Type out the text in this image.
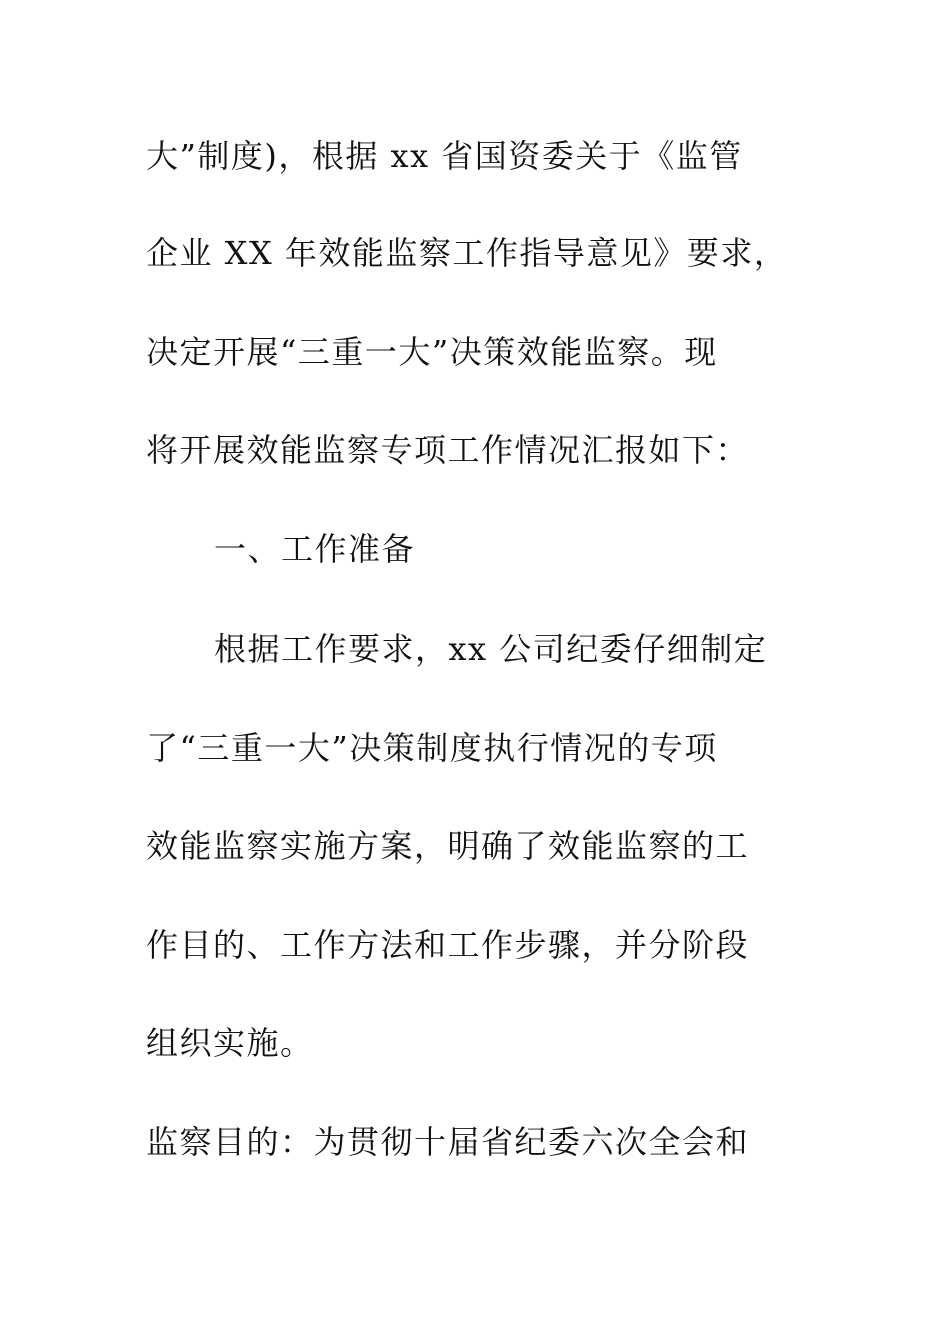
大”制度)，根据 xx 省国资委关于《监管
企业 XX 年效能监察工作指导意见》要求，
决定开展“三重一大”决策效能监察。现
将开展效能监察专项工作情况汇报如下：
一、工作准备
根据工作要求，xx 公司纪委仔细制定
了“三重一大”决策制度执行情况的专项
效能监察实施方案，明确了效能监察的工
作目的、工作方法和工作步骤，并分阶段
组织实施。
监察目的：为贯彻十届省纪委六次全会和
